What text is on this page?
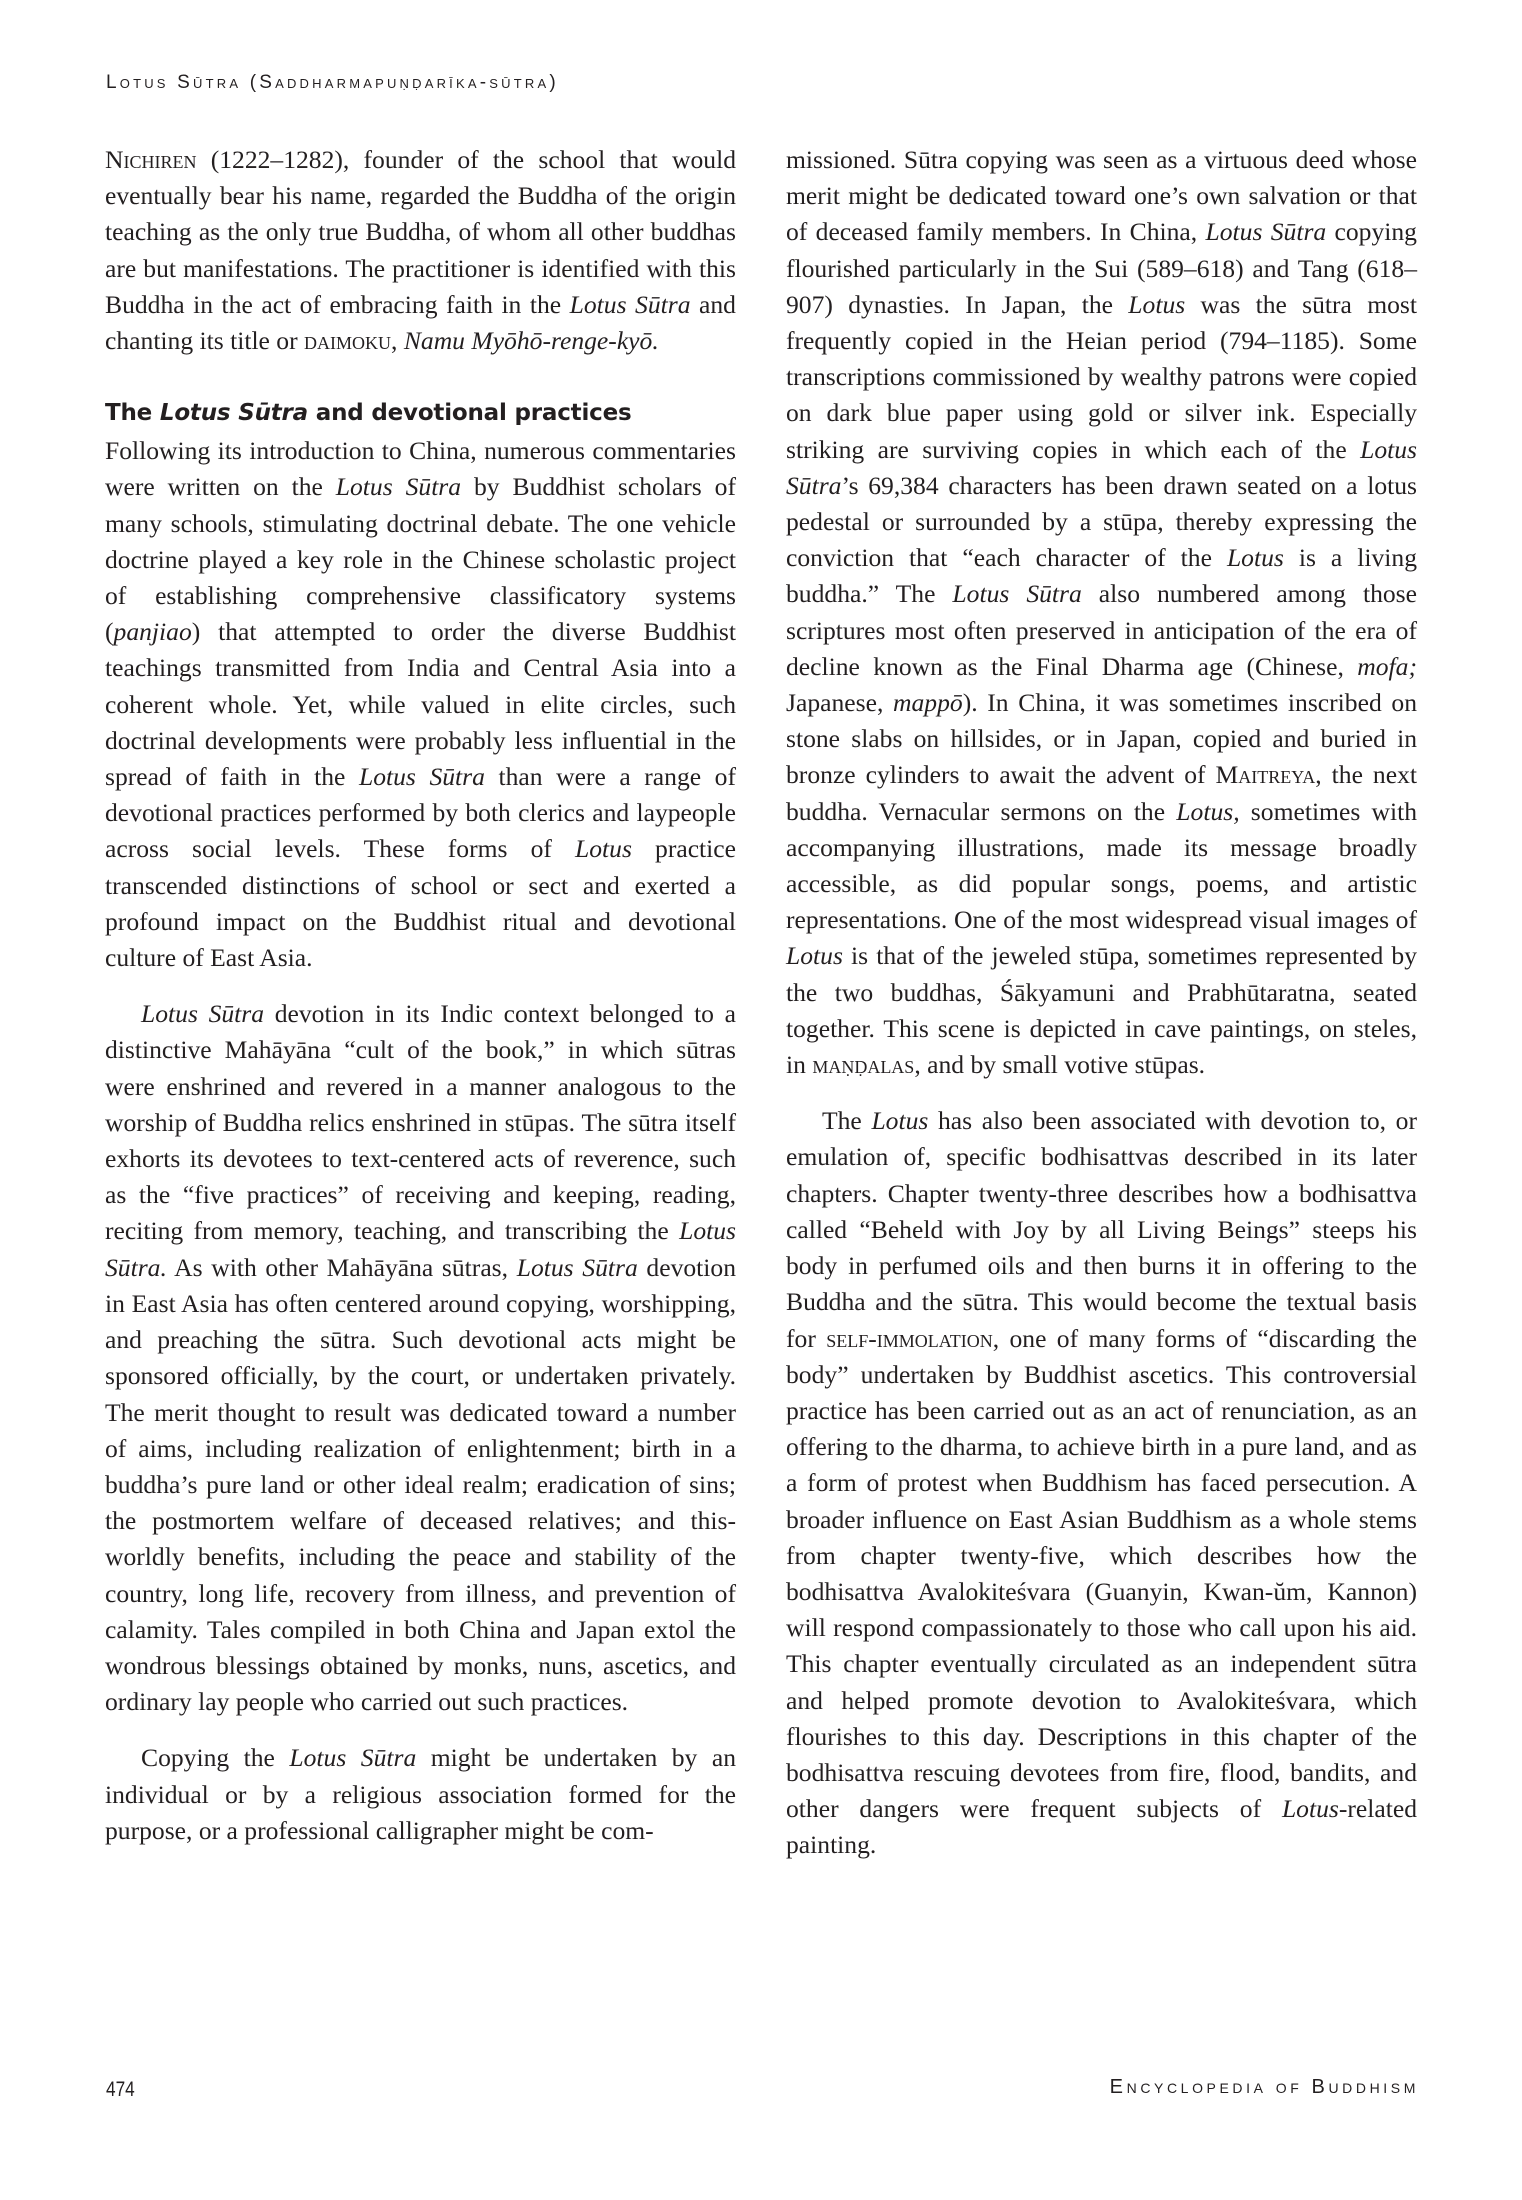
Lotus Sūtra (Saddharmapuṇḍarīka-sūtra)

Nichiren (1222–1282), founder of the school that would eventually bear his name, regarded the Buddha of the origin teaching as the only true Buddha, of whom all other buddhas are but manifestations. The practitioner is identified with this Buddha in the act of embracing faith in the Lotus Sūtra and chanting its title or daimoku, Namu Myōhō-renge-kyō.

The Lotus Sūtra and devotional practices

Following its introduction to China, numerous commentaries were written on the Lotus Sūtra by Buddhist scholars of many schools, stimulating doctrinal debate. The one vehicle doctrine played a key role in the Chinese scholastic project of establishing comprehensive classificatory systems (panjiao) that attempted to order the diverse Buddhist teachings transmitted from India and Central Asia into a coherent whole. Yet, while valued in elite circles, such doctrinal developments were probably less influential in the spread of faith in the Lotus Sūtra than were a range of devotional practices performed by both clerics and laypeople across social levels. These forms of Lotus practice transcended distinctions of school or sect and exerted a profound impact on the Buddhist ritual and devotional culture of East Asia.

Lotus Sūtra devotion in its Indic context belonged to a distinctive Mahāyāna “cult of the book,” in which sūtras were enshrined and revered in a manner analogous to the worship of Buddha relics enshrined in stūpas. The sūtra itself exhorts its devotees to text-centered acts of reverence, such as the “five practices” of receiving and keeping, reading, reciting from memory, teaching, and transcribing the Lotus Sūtra. As with other Mahāyāna sūtras, Lotus Sūtra devotion in East Asia has often centered around copying, worshipping, and preaching the sūtra. Such devotional acts might be sponsored officially, by the court, or undertaken privately. The merit thought to result was dedicated toward a number of aims, including realization of enlightenment; birth in a buddha’s pure land or other ideal realm; eradication of sins; the postmortem welfare of deceased relatives; and this-worldly benefits, including the peace and stability of the country, long life, recovery from illness, and prevention of calamity. Tales compiled in both China and Japan extol the wondrous blessings obtained by monks, nuns, ascetics, and ordinary lay people who carried out such practices.

Copying the Lotus Sūtra might be undertaken by an individual or by a religious association formed for the purpose, or a professional calligrapher might be com-

missioned. Sūtra copying was seen as a virtuous deed whose merit might be dedicated toward one’s own salvation or that of deceased family members. In China, Lotus Sūtra copying flourished particularly in the Sui (589–618) and Tang (618–907) dynasties. In Japan, the Lotus was the sūtra most frequently copied in the Heian period (794–1185). Some transcriptions commissioned by wealthy patrons were copied on dark blue paper using gold or silver ink. Especially striking are surviving copies in which each of the Lotus Sūtra’s 69,384 characters has been drawn seated on a lotus pedestal or surrounded by a stūpa, thereby expressing the conviction that “each character of the Lotus is a living buddha.” The Lotus Sūtra also numbered among those scriptures most often preserved in anticipation of the era of decline known as the Final Dharma age (Chinese, mofa; Japanese, mappō). In China, it was sometimes inscribed on stone slabs on hillsides, or in Japan, copied and buried in bronze cylinders to await the advent of Maitreya, the next buddha. Vernacular sermons on the Lotus, sometimes with accompanying illustrations, made its message broadly accessible, as did popular songs, poems, and artistic representations. One of the most widespread visual images of Lotus is that of the jeweled stūpa, sometimes represented by the two buddhas, Śākyamuni and Prabhūtaratna, seated together. This scene is depicted in cave paintings, on steles, in maṇḍalas, and by small votive stūpas.

The Lotus has also been associated with devotion to, or emulation of, specific bodhisattvas described in its later chapters. Chapter twenty-three describes how a bodhisattva called “Beheld with Joy by all Living Beings” steeps his body in perfumed oils and then burns it in offering to the Buddha and the sūtra. This would become the textual basis for self-immolation, one of many forms of “discarding the body” undertaken by Buddhist ascetics. This controversial practice has been carried out as an act of renunciation, as an offering to the dharma, to achieve birth in a pure land, and as a form of protest when Buddhism has faced persecution. A broader influence on East Asian Buddhism as a whole stems from chapter twenty-five, which describes how the bodhisattva Avalokiteśvara (Guanyin, Kwan-ŭm, Kannon) will respond compassionately to those who call upon his aid. This chapter eventually circulated as an independent sūtra and helped promote devotion to Avalokiteśvara, which flourishes to this day. Descriptions in this chapter of the bodhisattva rescuing devotees from fire, flood, bandits, and other dangers were frequent subjects of Lotus-related painting.

474	Encyclopedia of Buddhism
